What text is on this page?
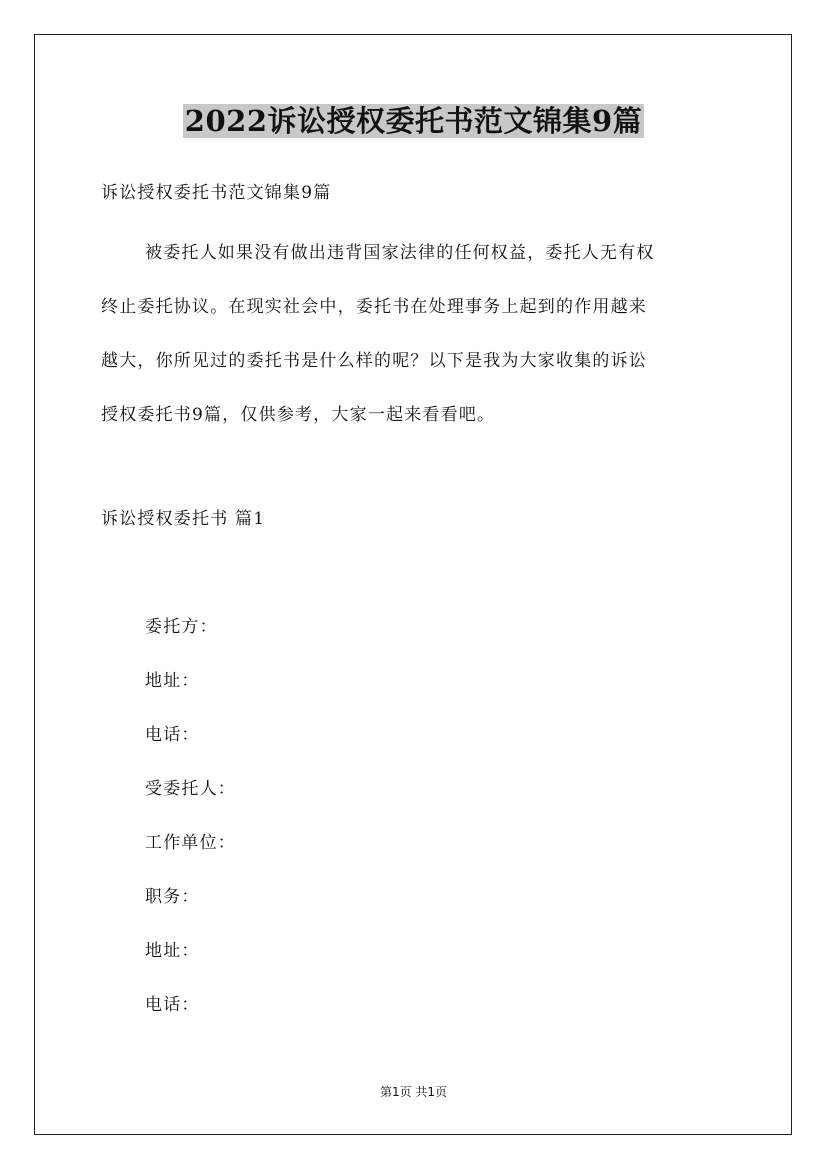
2022诉讼授权委托书范文锦集9篇
诉讼授权委托书范文锦集9篇
被委托人如果没有做出违背国家法律的任何权益，委托人无有权
终止委托协议。在现实社会中，委托书在处理事务上起到的作用越来
越大，你所见过的委托书是什么样的呢？以下是我为大家收集的诉讼
授权委托书9篇，仅供参考，大家一起来看看吧。
诉讼授权委托书 篇1
委托方：
地址：
电话：
受委托人：
工作单位：
职务：
地址：
电话：
第1页 共1页
